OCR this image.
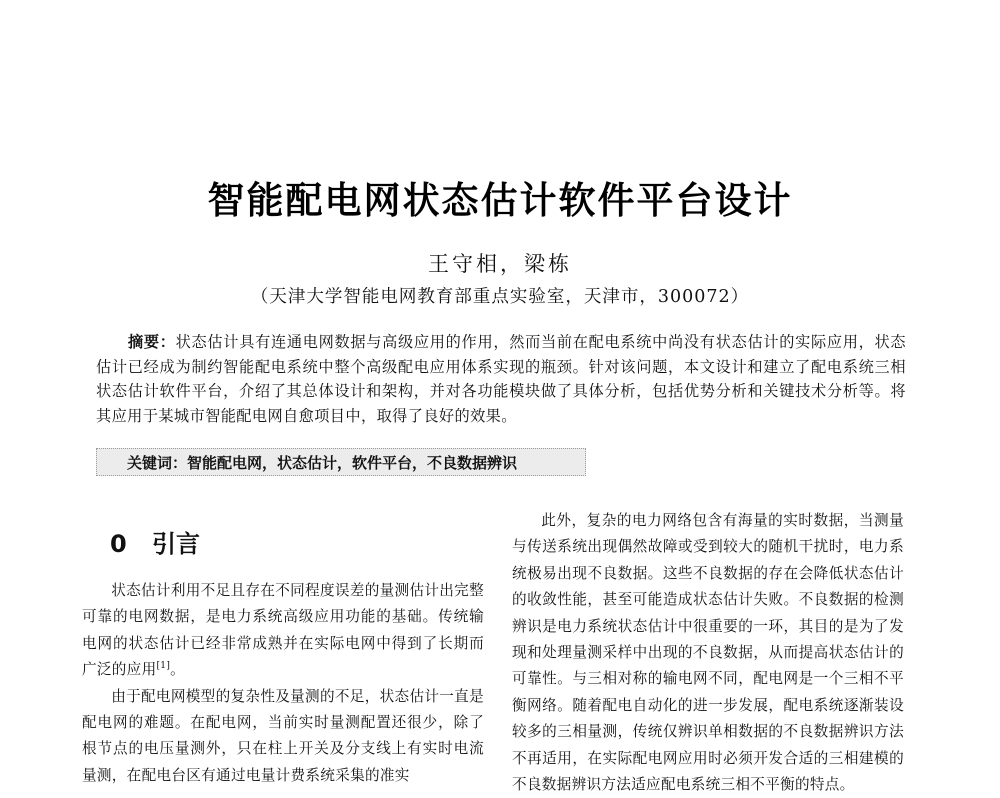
智能配电网状态估计软件平台设计
王守相，梁栋
（天津大学智能电网教育部重点实验室，天津市，300072）
摘要：状态估计具有连通电网数据与高级应用的作用，然而当前在配电系统中尚没有状态估计的实际应用，状态估计已经成为制约智能配电系统中整个高级配电应用体系实现的瓶颈。针对该问题，本文设计和建立了配电系统三相状态估计软件平台，介绍了其总体设计和架构，并对各功能模块做了具体分析，包括优势分析和关键技术分析等。将其应用于某城市智能配电网自愈项目中，取得了良好的效果。
关键词：智能配电网，状态估计，软件平台，不良数据辨识
0 引言

状态估计利用不足且存在不同程度误差的量测估计出完整可靠的电网数据，是电力系统高级应用功能的基础。传统输电网的状态估计已经非常成熟并在实际电网中得到了长期而广泛的应用[1]。

由于配电网模型的复杂性及量测的不足，状态估计一直是配电网的难题。在配电网，当前实时量测配置还很少，除了根节点的电压量测外，只在柱上开关及分支线上有实时电流量测，在配电台区有通过电量计费系统采集的准实

此外，复杂的电力网络包含有海量的实时数据，当测量与传送系统出现偶然故障或受到较大的随机干扰时，电力系统极易出现不良数据。这些不良数据的存在会降低状态估计的收敛性能，甚至可能造成状态估计失败。不良数据的检测辨识是电力系统状态估计中很重要的一环，其目的是为了发现和处理量测采样中出现的不良数据，从而提高状态估计的可靠性。与三相对称的输电网不同，配电网是一个三相不平衡网络。随着配电自动化的进一步发展，配电系统逐渐装设较多的三相量测，传统仅辨识单相数据的不良数据辨识方法不再适用，在实际配电网应用时必须开发合适的三相建模的不良数据辨识方法适应配电系统三相不平衡的特点。
